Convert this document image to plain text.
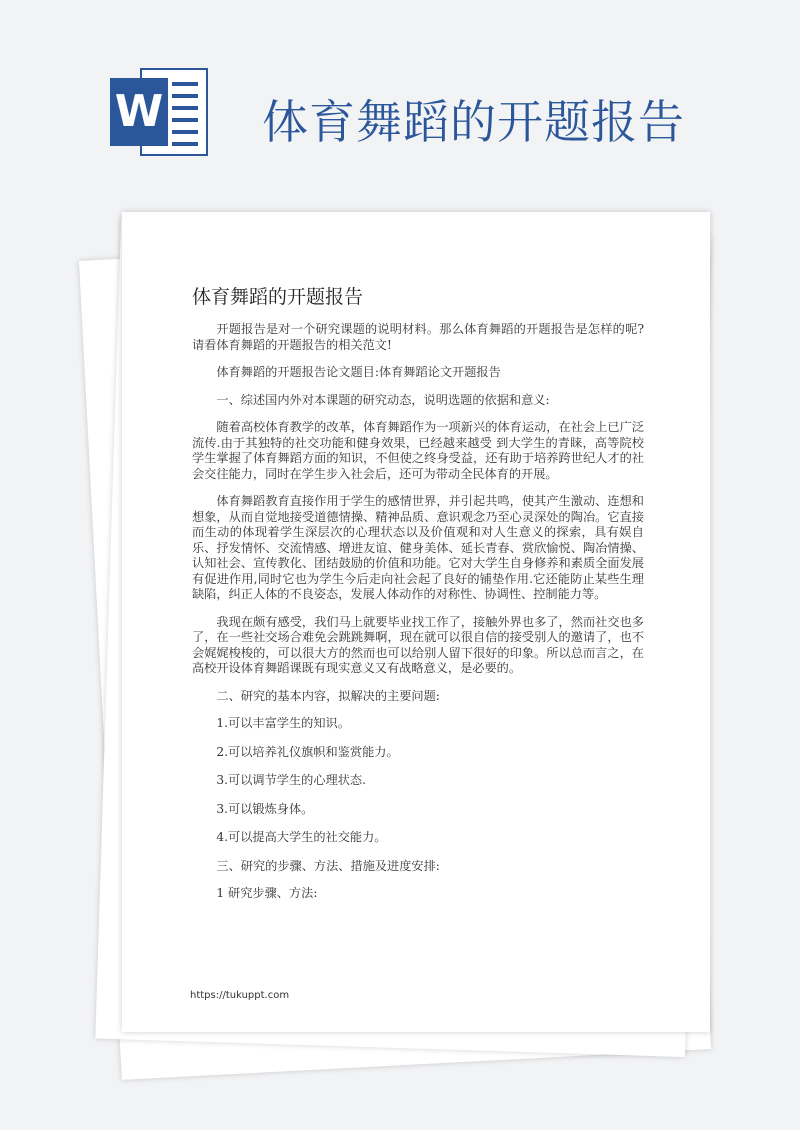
W 体育舞蹈的开题报告
体育舞蹈的开题报告

开题报告是对一个研究课题的说明材料。那么体育舞蹈的开题报告是怎样的呢?请看体育舞蹈的开题报告的相关范文!

体育舞蹈的开题报告论文题目:体育舞蹈论文开题报告

一、综述国内外对本课题的研究动态，说明选题的依据和意义:

随着高校体育教学的改革，体育舞蹈作为一项新兴的体育运动，在社会上已广泛流传.由于其独特的社交功能和健身效果，已经越来越受 到大学生的青睐，高等院校学生掌握了体育舞蹈方面的知识，不但使之终身受益，还有助于培养跨世纪人才的社会交往能力，同时在学生步入社会后，还可为带动全民体育的开展。

体育舞蹈教育直接作用于学生的感情世界，并引起共鸣，使其产生激动、连想和想象，从而自觉地接受道德情操、精神品质、意识观念乃至心灵深处的陶冶。它直接而生动的体现着学生深层次的心理状态以及价值观和对人生意义的探索，具有娱自乐、抒发情怀、交流情感、增进友谊、健身美体、延长青春、赏欣愉悦、陶冶情操、认知社会、宣传教化、团结鼓励的价值和功能。它对大学生自身修养和素质全面发展有促进作用,同时它也为学生今后走向社会起了良好的铺垫作用.它还能防止某些生理缺陷，纠正人体的不良姿态，发展人体动作的对称性、协调性、控制能力等。

我现在颇有感受，我们马上就要毕业找工作了，接触外界也多了，然而社交也多了，在一些社交场合难免会跳跳舞啊，现在就可以很自信的接受别人的邀请了，也不会娓娓梭梭的，可以很大方的然而也可以给别人留下很好的印象。所以总而言之，在高校开设体育舞蹈课既有现实意义又有战略意义，是必要的。

二、研究的基本内容，拟解决的主要问题:

1.可以丰富学生的知识。

2.可以培养礼仪旗帜和鉴赏能力。

3.可以调节学生的心理状态.

3.可以锻炼身体。

4.可以提高大学生的社交能力。

三、研究的步骤、方法、措施及进度安排:

1 研究步骤、方法:

https://tukuppt.com
